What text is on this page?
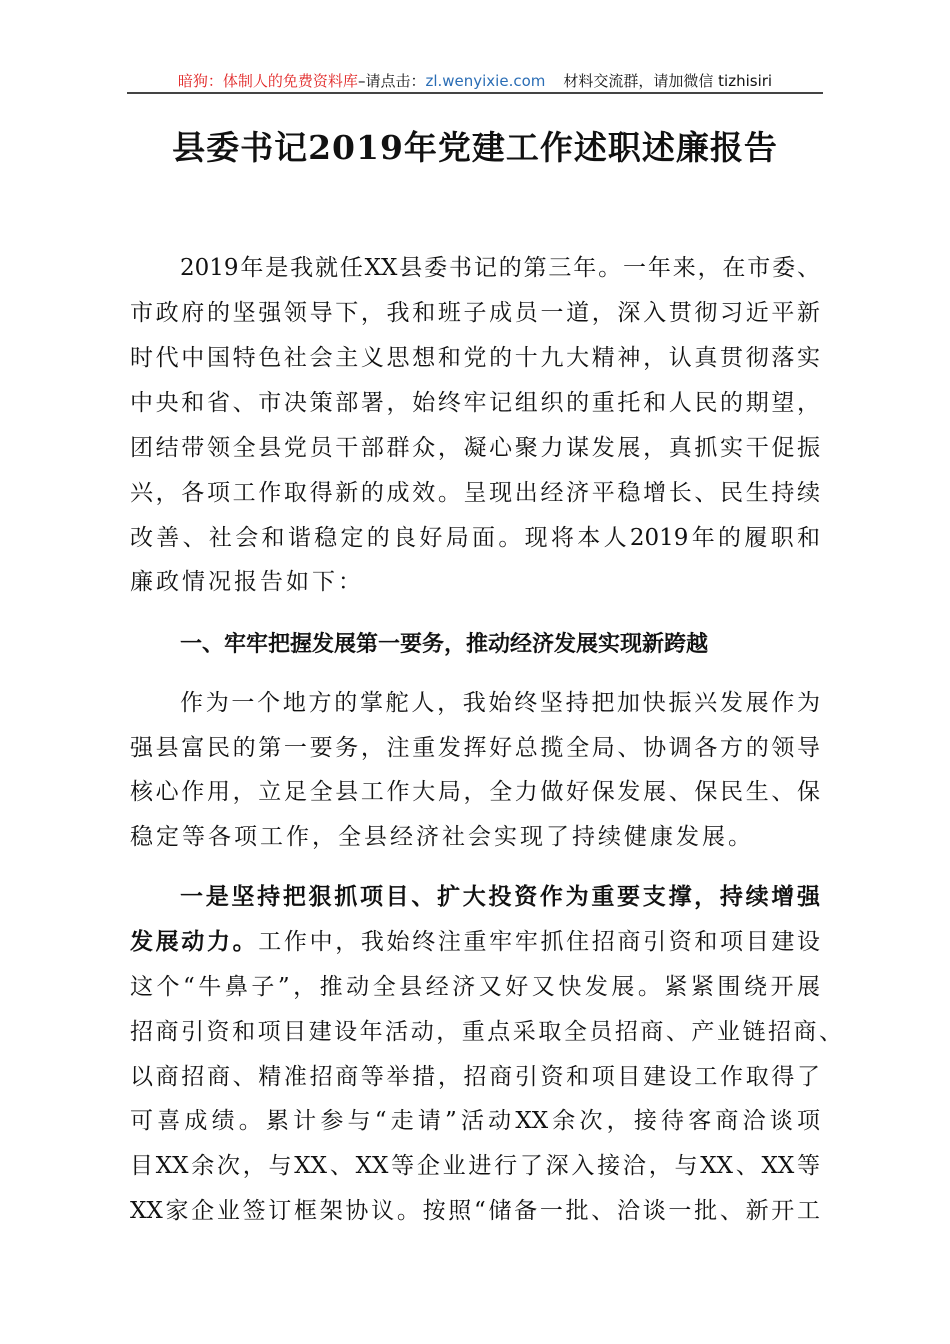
暗狗：体制人的免费资料库–请点击：zl.wenyixie.com 材料交流群，请加微信 tizhisiri
县委书记2019年党建工作述职述廉报告
2019年是我就任XX县委书记的第三年。一年来，在市委、
市政府的坚强领导下，我和班子成员一道，深入贯彻习近平新
时代中国特色社会主义思想和党的十九大精神，认真贯彻落实
中央和省、市决策部署，始终牢记组织的重托和人民的期望，
团结带领全县党员干部群众，凝心聚力谋发展，真抓实干促振
兴，各项工作取得新的成效。呈现出经济平稳增长、民生持续
改善、社会和谐稳定的良好局面。现将本人2019年的履职和
廉政情况报告如下：
一、牢牢把握发展第一要务，推动经济发展实现新跨越
作为一个地方的掌舵人，我始终坚持把加快振兴发展作为
强县富民的第一要务，注重发挥好总揽全局、协调各方的领导
核心作用，立足全县工作大局，全力做好保发展、保民生、保
稳定等各项工作，全县经济社会实现了持续健康发展。
一是坚持把狠抓项目、扩大投资作为重要支撑，持续增强
发展动力。工作中，我始终注重牢牢抓住招商引资和项目建设
这个“牛鼻子”，推动全县经济又好又快发展。紧紧围绕开展
招商引资和项目建设年活动，重点采取全员招商、产业链招商、
以商招商、精准招商等举措，招商引资和项目建设工作取得了
可喜成绩。累计参与“走请”活动XX余次，接待客商洽谈项
目XX余次，与XX、XX等企业进行了深入接洽，与XX、XX等
XX家企业签订框架协议。按照“储备一批、洽谈一批、新开工
